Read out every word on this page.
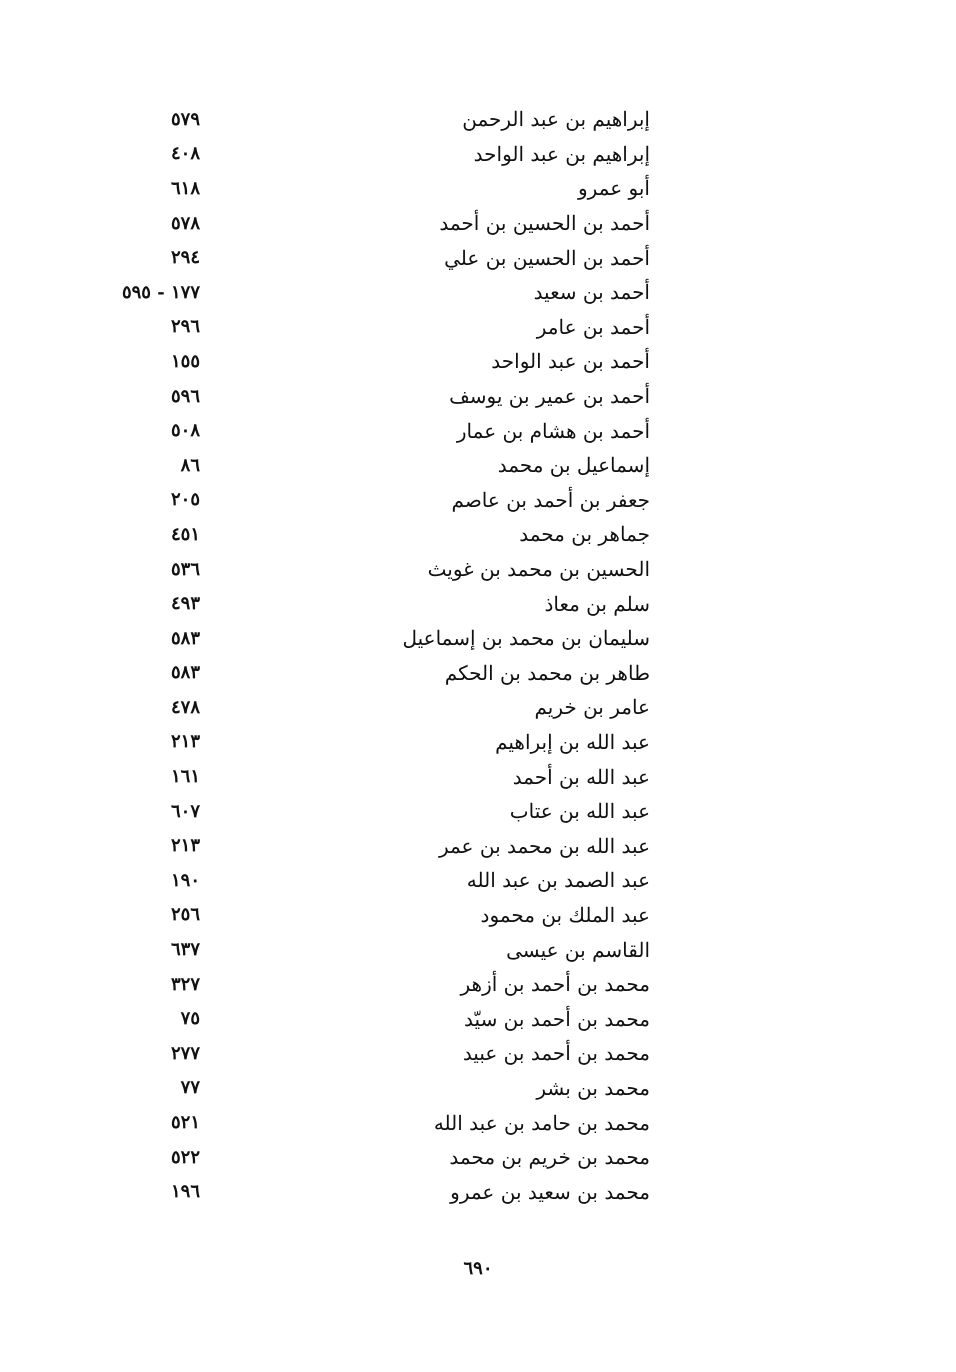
إبراهيم بن عبد الرحمن
٥٧٩
إبراهيم بن عبد الواحد
٤٠٨
أبو عمرو
٦١٨
أحمد بن الحسين بن أحمد
٥٧٨
أحمد بن الحسين بن علي
٢٩٤
أحمد بن سعيد
١٧٧ - ٥٩٥
أحمد بن عامر
٢٩٦
أحمد بن عبد الواحد
١٥٥
أحمد بن عمير بن يوسف
٥٩٦
أحمد بن هشام بن عمار
٥٠٨
إسماعيل بن محمد
٨٦
جعفر بن أحمد بن عاصم
٢٠٥
جماهر بن محمد
٤٥١
الحسين بن محمد بن غويث
٥٣٦
سلم بن معاذ
٤٩٣
سليمان بن محمد بن إسماعيل
٥٨٣
طاهر بن محمد بن الحكم
٥٨٣
عامر بن خريم
٤٧٨
عبد الله بن إبراهيم
٢١٣
عبد الله بن أحمد
١٦١
عبد الله بن عتاب
٦٠٧
عبد الله بن محمد بن عمر
٢١٣
عبد الصمد بن عبد الله
١٩٠
عبد الملك بن محمود
٢٥٦
القاسم بن عيسى
٦٣٧
محمد بن أحمد بن أزهر
٣٢٧
محمد بن أحمد بن سيّد
٧٥
محمد بن أحمد بن عبيد
٢٧٧
محمد بن بشر
٧٧
محمد بن حامد بن عبد الله
٥٢١
محمد بن خريم بن محمد
٥٢٢
محمد بن سعيد بن عمرو
١٩٦
٦٩٠
